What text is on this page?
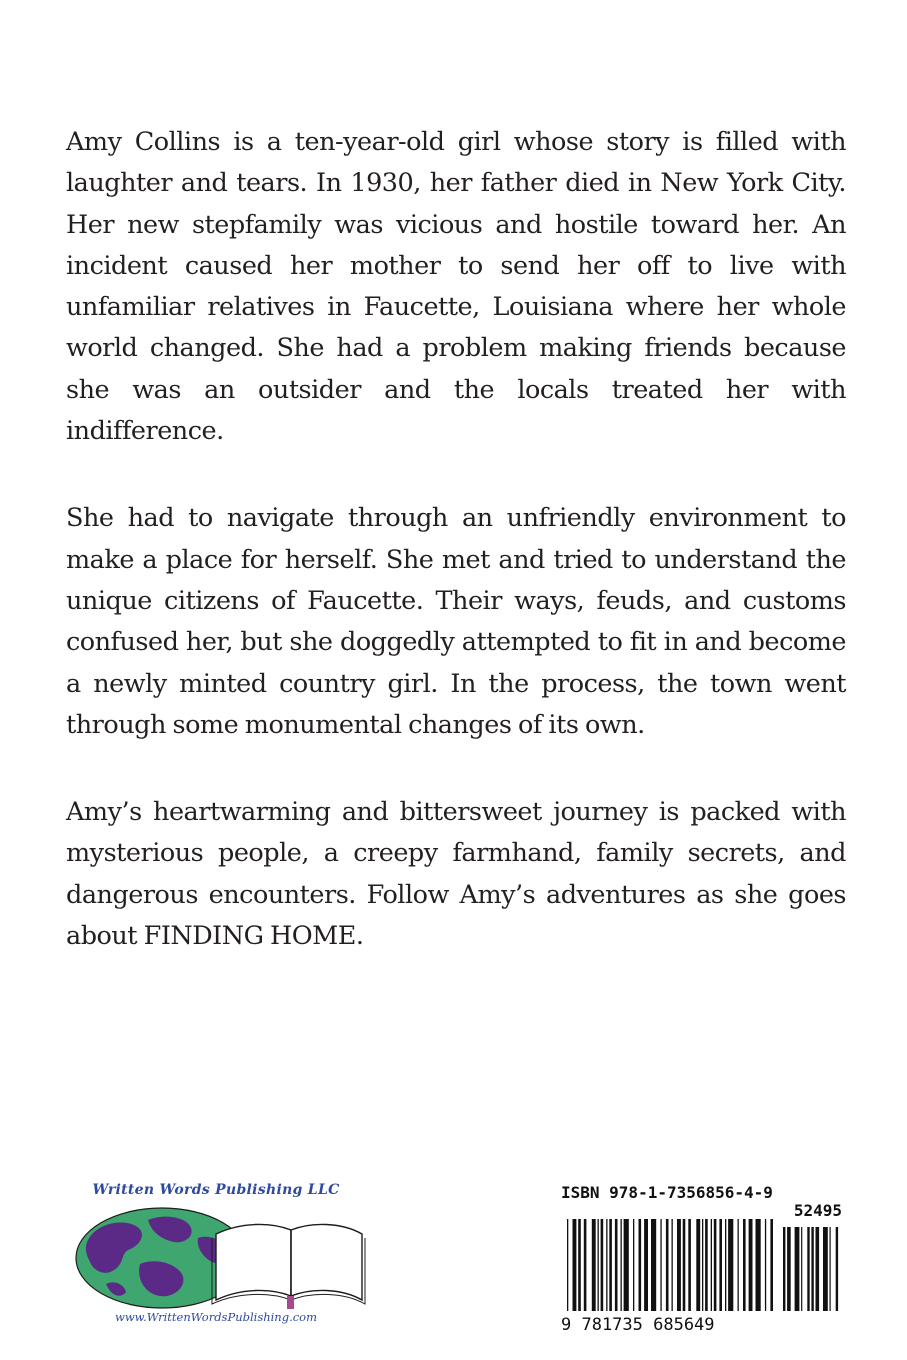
Amy Collins is a ten-year-old girl whose story is filled with laughter and tears. In 1930, her father died in New York City. Her new stepfamily was vicious and hostile toward her. An incident caused her mother to send her off to live with unfamiliar relatives in Faucette, Louisiana where her whole world changed. She had a problem making friends because she was an outsider and the locals treated her with indifference.

She had to navigate through an unfriendly environment to make a place for herself. She met and tried to understand the unique citizens of Faucette. Their ways, feuds, and customs confused her, but she doggedly attempted to fit in and become a newly minted country girl. In the process, the town went through some monumental changes of its own.

Amy’s heartwarming and bittersweet journey is packed with mysterious people, a creepy farmhand, family secrets, and dangerous encounters. Follow Amy’s adventures as she goes about FINDING HOME.

Written Words Publishing LLC
www.WrittenWordsPublishing.com
ISBN 978-1-7356856-4-9
52495
9 781735 685649
